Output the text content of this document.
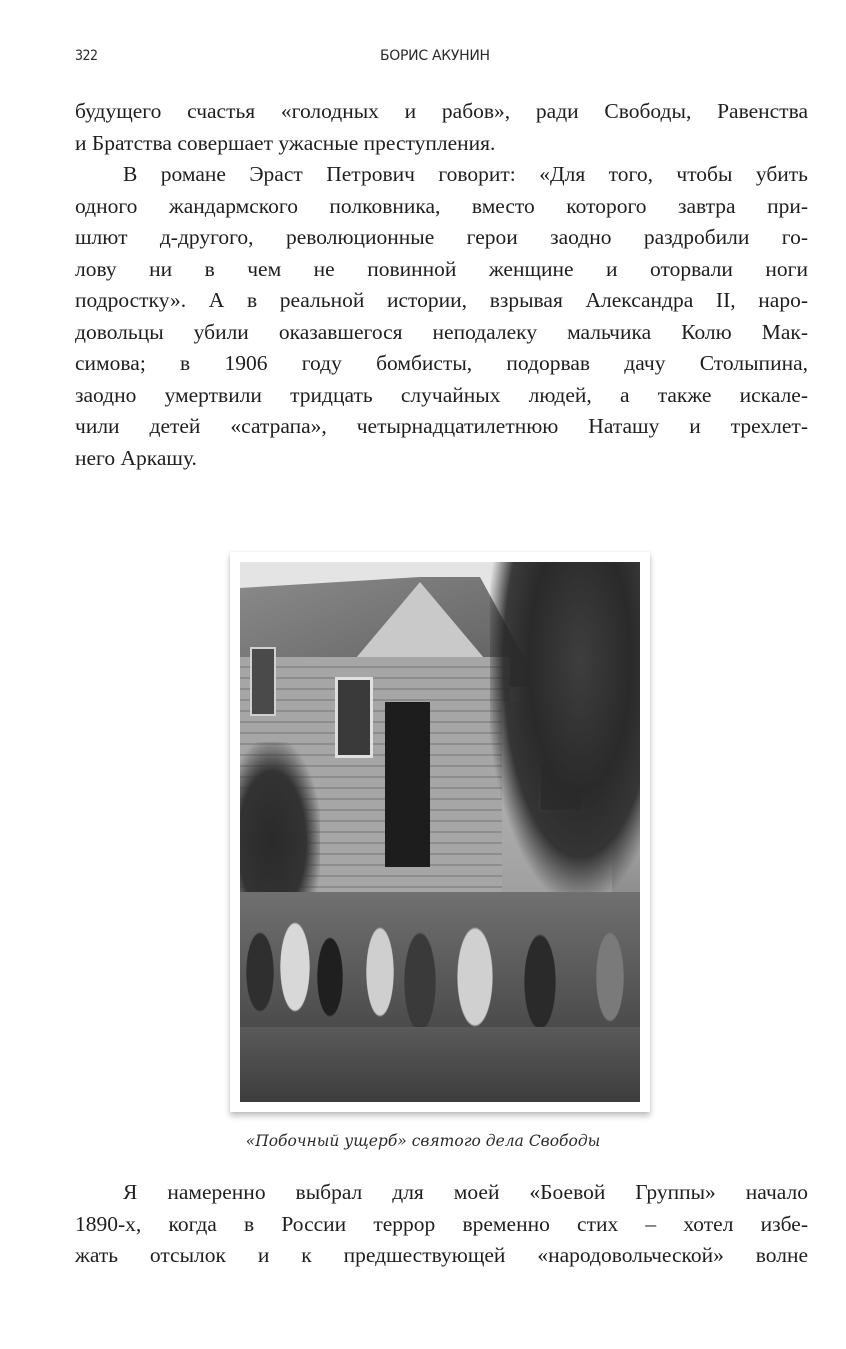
322	БОРИС АКУНИН

будущего счастья «голодных и рабов», ради Свободы, Равенства
и Братства совершает ужасные преступления.

В романе Эраст Петрович говорит: «Для того, чтобы убить
одного жандармского полковника, вместо которого завтра при-
шлют д-другого, революционные герои заодно раздробили го-
лову ни в чем не повинной женщине и оторвали ноги
подростку». А в реальной истории, взрывая Александра II, наро-
довольцы убили оказавшегося неподалеку мальчика Колю Мак-
симова; в 1906 году бомбисты, подорвав дачу Столыпина,
заодно умертвили тридцать случайных людей, а также искале-
чили детей «сатрапа», четырнадцатилетнюю Наташу и трехлет-
него Аркашу.

«Побочный ущерб» святого дела Свободы

Я намеренно выбрал для моей «Боевой Группы» начало
1890-х, когда в России террор временно стих – хотел избе-
жать отсылок и к предшествующей «народовольческой» волне
